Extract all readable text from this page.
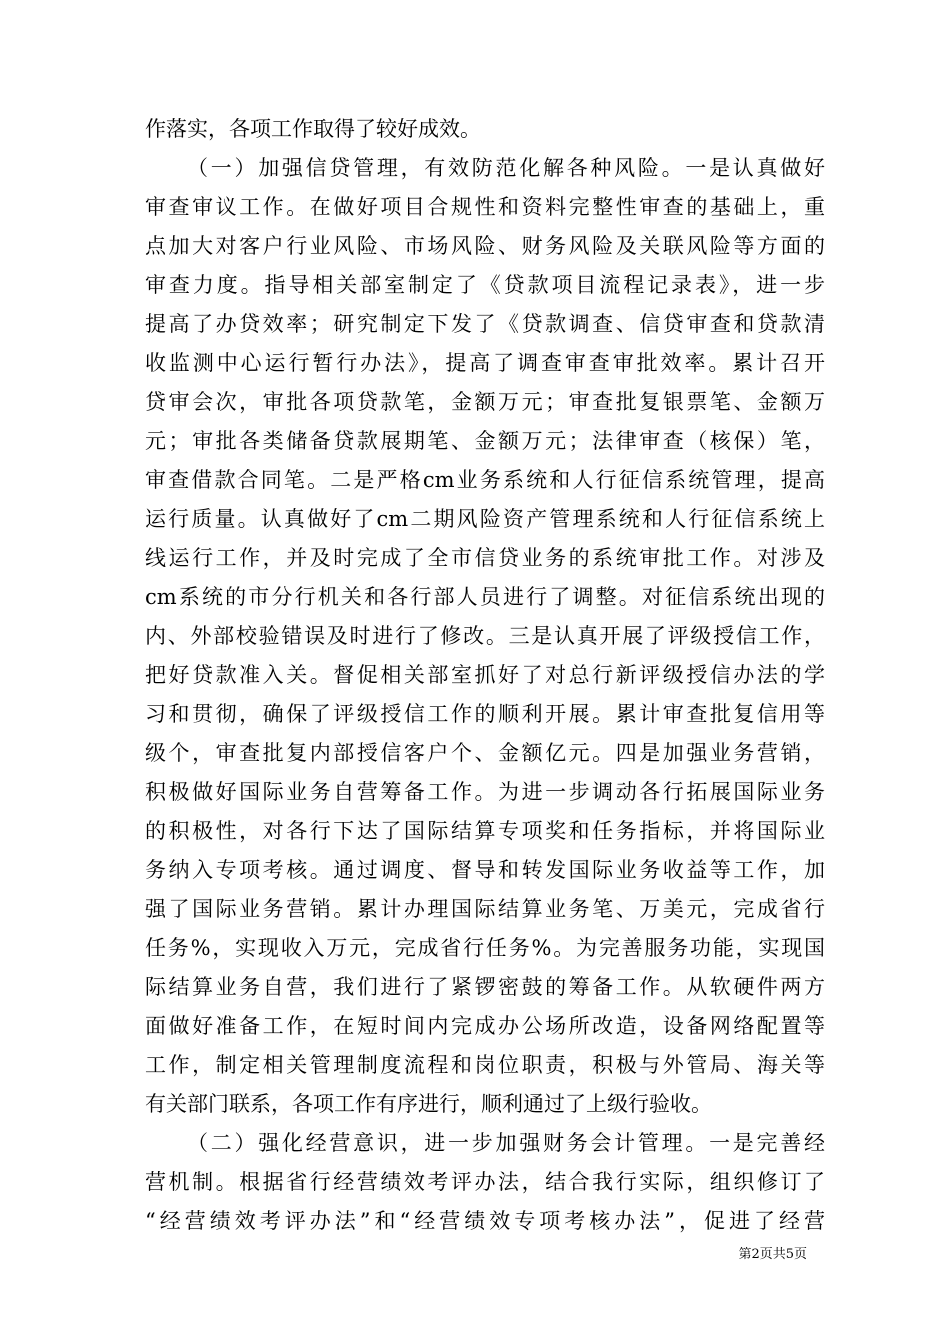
作落实，各项工作取得了较好成效。
（一）加强信贷管理，有效防范化解各种风险。一是认真做好
审查审议工作。在做好项目合规性和资料完整性审查的基础上，重
点加大对客户行业风险、市场风险、财务风险及关联风险等方面的
审查力度。指导相关部室制定了《贷款项目流程记录表》，进一步
提高了办贷效率；研究制定下发了《贷款调查、信贷审查和贷款清
收监测中心运行暂行办法》，提高了调查审查审批效率。累计召开
贷审会次，审批各项贷款笔，金额万元；审查批复银票笔、金额万
元；审批各类储备贷款展期笔、金额万元；法律审查（核保）笔，
审查借款合同笔。二是严格cm业务系统和人行征信系统管理，提高
运行质量。认真做好了cm二期风险资产管理系统和人行征信系统上
线运行工作，并及时完成了全市信贷业务的系统审批工作。对涉及
cm系统的市分行机关和各行部人员进行了调整。对征信系统出现的
内、外部校验错误及时进行了修改。三是认真开展了评级授信工作，
把好贷款准入关。督促相关部室抓好了对总行新评级授信办法的学
习和贯彻，确保了评级授信工作的顺利开展。累计审查批复信用等
级个，审查批复内部授信客户个、金额亿元。四是加强业务营销，
积极做好国际业务自营筹备工作。为进一步调动各行拓展国际业务
的积极性，对各行下达了国际结算专项奖和任务指标，并将国际业
务纳入专项考核。通过调度、督导和转发国际业务收益等工作，加
强了国际业务营销。累计办理国际结算业务笔、万美元，完成省行
任务%，实现收入万元，完成省行任务%。为完善服务功能，实现国
际结算业务自营，我们进行了紧锣密鼓的筹备工作。从软硬件两方
面做好准备工作，在短时间内完成办公场所改造，设备网络配置等
工作，制定相关管理制度流程和岗位职责，积极与外管局、海关等
有关部门联系，各项工作有序进行，顺利通过了上级行验收。
（二）强化经营意识，进一步加强财务会计管理。一是完善经
营机制。根据省行经营绩效考评办法，结合我行实际，组织修订了
“经营绩效考评办法”和“经营绩效专项考核办法”，促进了经营
第2页共5页
